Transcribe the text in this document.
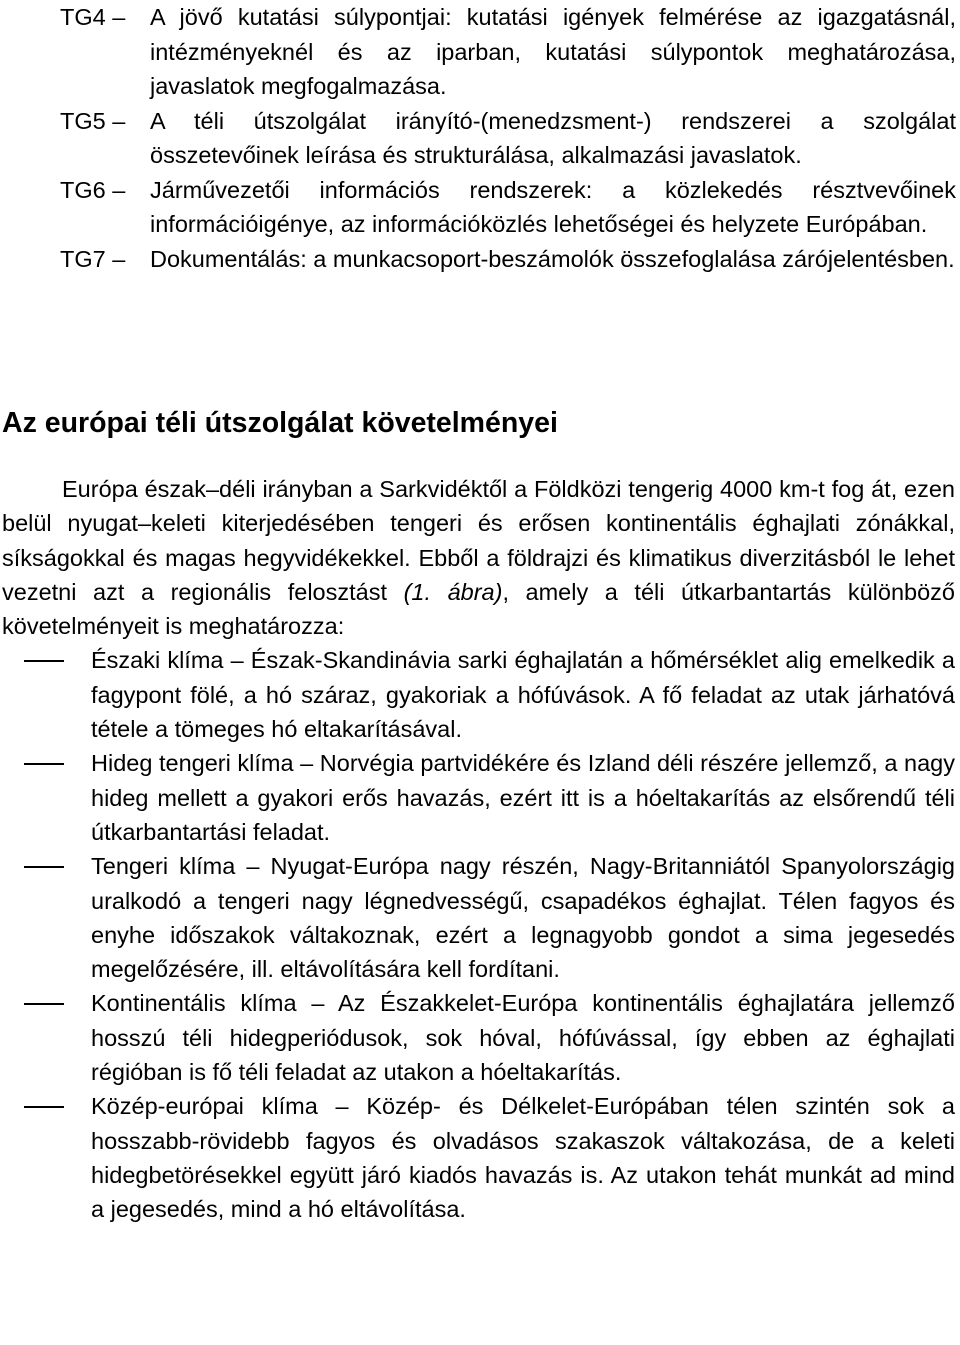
TG4 –	A jövő kutatási súlypontjai: kutatási igények felmérése az igazgatásnál, intézményeknél és az iparban, kutatási súlypontok meghatározása, javaslatok megfogalmazása.
TG5 –	A téli útszolgálat irányító-(menedzsment-) rendszerei a szolgálat összetevőinek leírása és strukturálása, alkalmazási javaslatok.
TG6 –	Járművezetői információs rendszerek: a közlekedés résztvevőinek információigénye, az információközlés lehetőségei és helyzete Európában.
TG7 –	Dokumentálás: a munkacsoport-beszámolók összefoglalása zárójelentésben.
Az európai téli útszolgálat követelményei

Európa észak–déli irányban a Sarkvidéktől a Földközi tengerig 4000 km-t fog át, ezen belül nyugat–keleti kiterjedésében tengeri és erősen kontinentális éghajlati zónákkal, síkságokkal és magas hegyvidékekkel. Ebből a földrajzi és klimatikus diverzitásból le lehet vezetni azt a regionális felosztást (1. ábra), amely a téli útkarbantartás különböző követelményeit is meghatározza:

Északi klíma – Észak-Skandinávia sarki éghajlatán a hőmérséklet alig emelkedik a fagypont fölé, a hó száraz, gyakoriak a hófúvások. A fő feladat az utak járhatóvá tétele a tömeges hó eltakarításával.
Hideg tengeri klíma – Norvégia partvidékére és Izland déli részére jellemző, a nagy hideg mellett a gyakori erős havazás, ezért itt is a hóeltakarítás az elsőrendű téli útkarbantartási feladat.
Tengeri klíma – Nyugat-Európa nagy részén, Nagy-Britanniától Spanyolországig uralkodó a tengeri nagy légnedvességű, csapadékos éghajlat. Télen fagyos és enyhe időszakok váltakoznak, ezért a legnagyobb gondot a sima jegesedés megelőzésére, ill. eltávolítására kell fordítani.
Kontinentális klíma – Az Északkelet-Európa kontinentális éghajlatára jellemző hosszú téli hidegperiódusok, sok hóval, hófúvással, így ebben az éghajlati régióban is fő téli feladat az utakon a hóeltakarítás.
Közép-európai klíma – Közép- és Délkelet-Európában télen szintén sok a hosszabb-rövidebb fagyos és olvadásos szakaszok váltakozása, de a keleti hidegbetörésekkel együtt járó kiadós havazás is. Az utakon tehát munkát ad mind a jegesedés, mind a hó eltávolítása.
